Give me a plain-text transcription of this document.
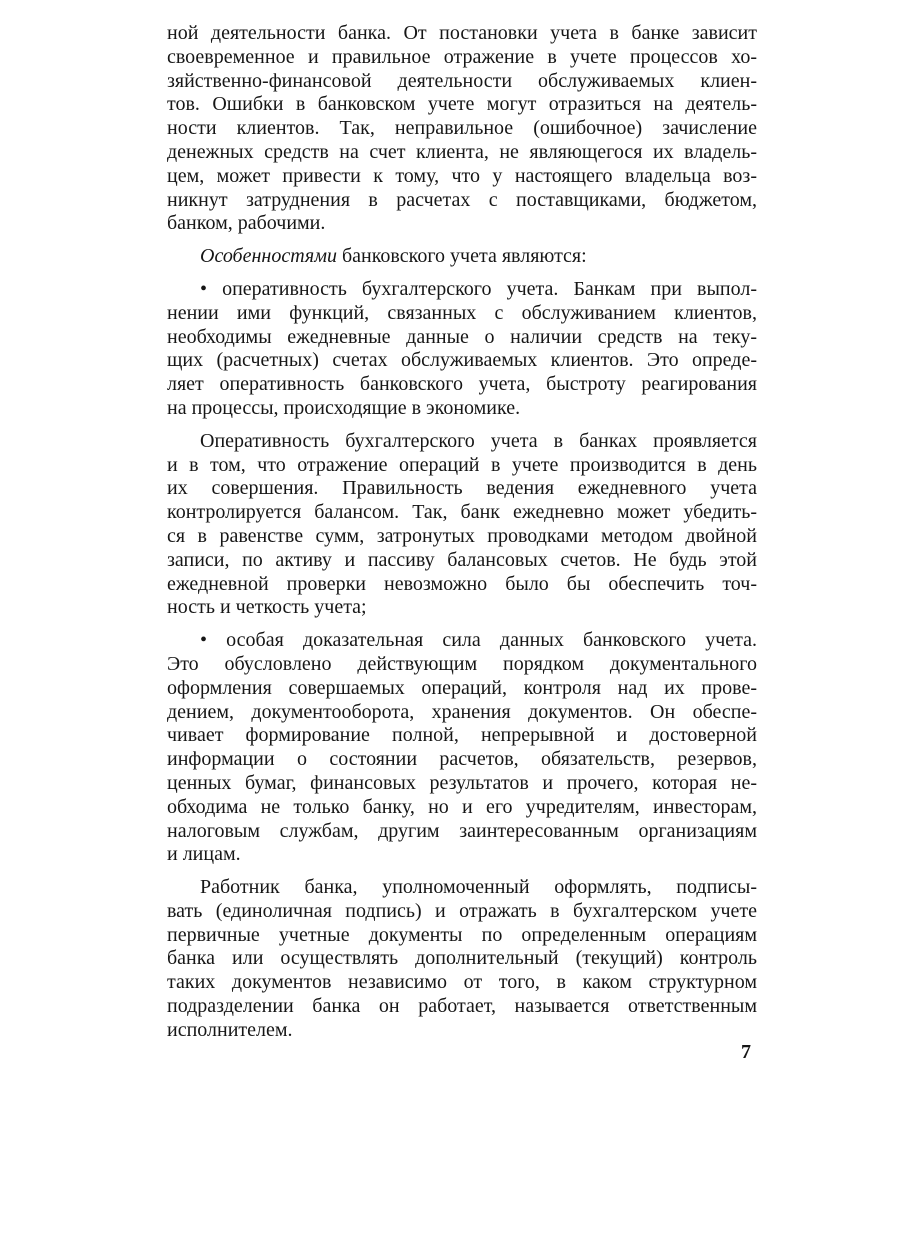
ной деятельности банка. От постановки учета в банке зависит
своевременное и правильное отражение в учете процессов хо-
зяйственно-финансовой деятельности обслуживаемых клиен-
тов. Ошибки в банковском учете могут отразиться на деятель-
ности клиентов. Так, неправильное (ошибочное) зачисление
денежных средств на счет клиента, не являющегося их владель-
цем, может привести к тому, что у настоящего владельца воз-
никнут затруднения в расчетах с поставщиками, бюджетом,
банком, рабочими.
Особенностями банковского учета являются:
• оперативность бухгалтерского учета. Банкам при выпол-
нении ими функций, связанных с обслуживанием клиентов,
необходимы ежедневные данные о наличии средств на теку-
щих (расчетных) счетах обслуживаемых клиентов. Это опреде-
ляет оперативность банковского учета, быстроту реагирования
на процессы, происходящие в экономике.
Оперативность бухгалтерского учета в банках проявляется
и в том, что отражение операций в учете производится в день
их совершения. Правильность ведения ежедневного учета
контролируется балансом. Так, банк ежедневно может убедить-
ся в равенстве сумм, затронутых проводками методом двойной
записи, по активу и пассиву балансовых счетов. Не будь этой
ежедневной проверки невозможно было бы обеспечить точ-
ность и четкость учета;
• особая доказательная сила данных банковского учета.
Это обусловлено действующим порядком документального
оформления совершаемых операций, контроля над их прове-
дением, документооборота, хранения документов. Он обеспе-
чивает формирование полной, непрерывной и достоверной
информации о состоянии расчетов, обязательств, резервов,
ценных бумаг, финансовых результатов и прочего, которая не-
обходима не только банку, но и его учредителям, инвесторам,
налоговым службам, другим заинтересованным организациям
и лицам.
Работник банка, уполномоченный оформлять, подписы-
вать (единоличная подпись) и отражать в бухгалтерском учете
первичные учетные документы по определенным операциям
банка или осуществлять дополнительный (текущий) контроль
таких документов независимо от того, в каком структурном
подразделении банка он работает, называется ответственным
исполнителем.
7
